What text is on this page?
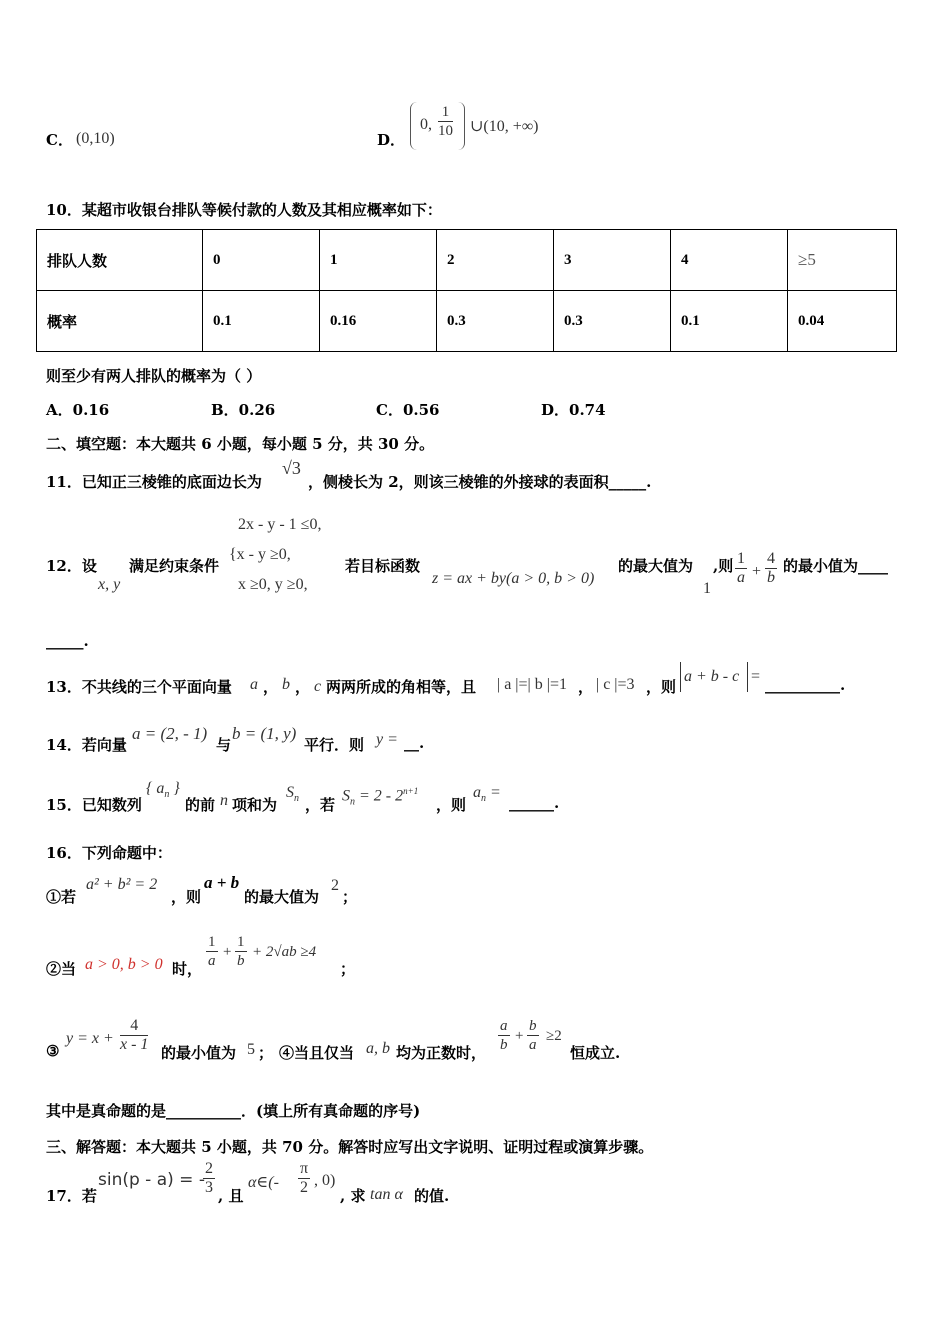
C． (0,10)	D．
0, $\frac{1}{10}$ ∪(10, +∞)
10．某超市收银台排队等候付款的人数及其相应概率如下：
排队人数	0	1	2	3	4	≥5
概率	0.1	0.16	0.3	0.3	0.1	0.04
则至少有两人排队的概率为（ ）
A．0.16	B．0.26	C．0.56	D．0.74
二、填空题：本大题共 6 小题，每小题 5 分，共 30 分。
11．已知正三棱锥的底面边长为
√3
，侧棱长为 2，则该三棱锥的外接球的表面积_____.
2x - y - 1 ≤0,
12．设
x, y
满足约束条件
{x - y ≥0,
x ≥0, y ≥0,
若目标函数
z = ax + by(a > 0, b > 0)
的最大值为 ,则
1
$\frac{1}{a} + \frac{4}{b}$ 的最小值为____
_____.
13．不共线的三个平面向量 a ， b ， c 两两所成的角相等，且 | a |=| b |=1 ， | c |=3 ，则
a + b - c = __________.
14．若向量
a = (2, - 1)
与
b = (1, y)
平行．则 y = __.
15．已知数列
{ $a_n$ }
的前 n 项和为
$S_n$ ，若
$S_n = 2 - 2^{n+1}$
，则
$a_n$ =
______.
16．下列命题中：
①若
a² + b² = 2
，则
a + b
的最大值为
2
；
②当 a > 0, b > 0 时， $\frac{1}{a} + \frac{1}{b} + 2√ab \ge 4$
；
③
$y = x + \frac{4}{x - 1}$ 的最小值为 5 ； ④当且仅当 a, b 均为正数时， $\frac{a}{b} + \frac{b}{a} \ge 2$
恒成立.
其中是真命题的是__________．(填上所有真命题的序号)
三、解答题：本大题共 5 小题，共 70 分。解答时应写出文字说明、证明过程或演算步骤。
17．若
sin(p - a) = -
$\frac{2}{3}$ , 且
α∈(- $\frac{\pi}{2}$ , 0)
, 求 tan α 的值.
